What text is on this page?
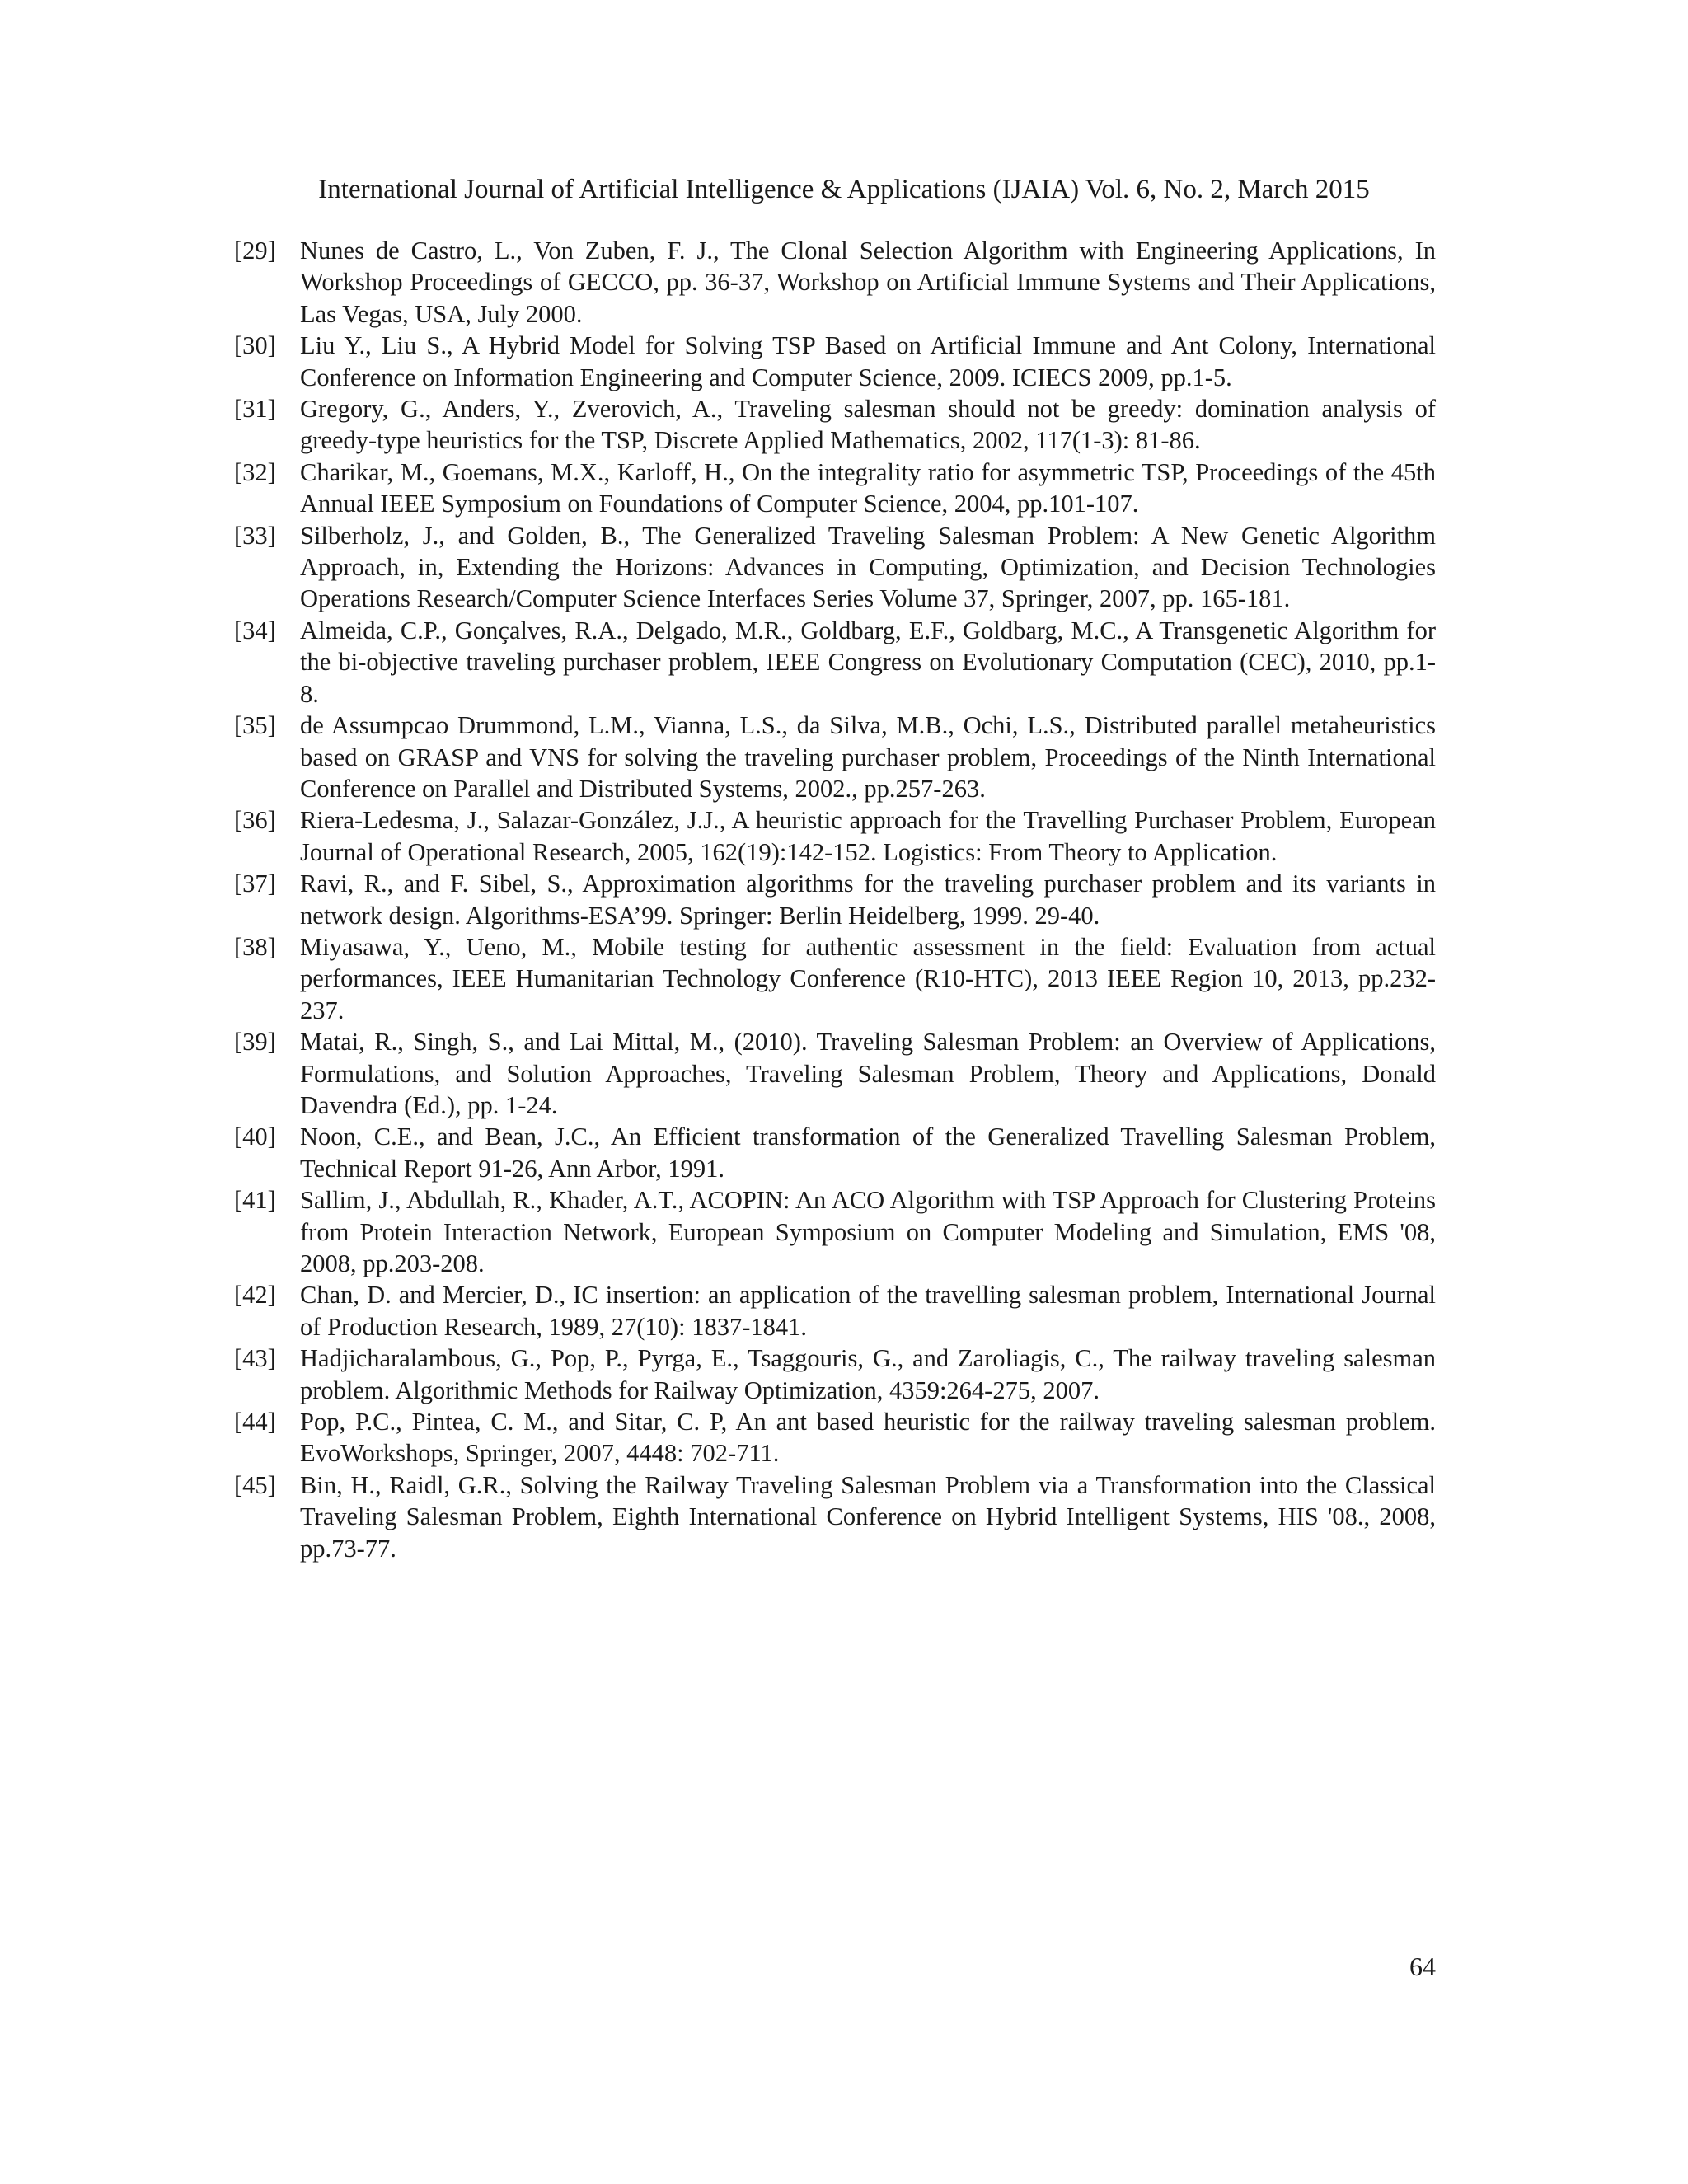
International Journal of Artificial Intelligence & Applications (IJAIA) Vol. 6, No. 2, March 2015
[29] Nunes de Castro, L., Von Zuben, F. J., The Clonal Selection Algorithm with Engineering Applications, In Workshop Proceedings of GECCO, pp. 36-37, Workshop on Artificial Immune Systems and Their Applications, Las Vegas, USA, July 2000.
[30] Liu Y., Liu S., A Hybrid Model for Solving TSP Based on Artificial Immune and Ant Colony, International Conference on Information Engineering and Computer Science, 2009. ICIECS 2009, pp.1-5.
[31] Gregory, G., Anders, Y., Zverovich, A., Traveling salesman should not be greedy: domination analysis of greedy-type heuristics for the TSP, Discrete Applied Mathematics, 2002, 117(1-3): 81-86.
[32] Charikar, M., Goemans, M.X., Karloff, H., On the integrality ratio for asymmetric TSP, Proceedings of the 45th Annual IEEE Symposium on Foundations of Computer Science, 2004, pp.101-107.
[33] Silberholz, J., and Golden, B., The Generalized Traveling Salesman Problem: A New Genetic Algorithm Approach, in, Extending the Horizons: Advances in Computing, Optimization, and Decision Technologies Operations Research/Computer Science Interfaces Series Volume 37, Springer, 2007, pp. 165-181.
[34] Almeida, C.P., Gonçalves, R.A., Delgado, M.R., Goldbarg, E.F., Goldbarg, M.C., A Transgenetic Algorithm for the bi-objective traveling purchaser problem, IEEE Congress on Evolutionary Computation (CEC), 2010, pp.1-8.
[35] de Assumpcao Drummond, L.M., Vianna, L.S., da Silva, M.B., Ochi, L.S., Distributed parallel metaheuristics based on GRASP and VNS for solving the traveling purchaser problem, Proceedings of the Ninth International Conference on Parallel and Distributed Systems, 2002., pp.257-263.
[36] Riera-Ledesma, J., Salazar-González, J.J., A heuristic approach for the Travelling Purchaser Problem, European Journal of Operational Research, 2005, 162(19):142-152. Logistics: From Theory to Application.
[37] Ravi, R., and F. Sibel, S., Approximation algorithms for the traveling purchaser problem and its variants in network design. Algorithms-ESA’99. Springer: Berlin Heidelberg, 1999. 29-40.
[38] Miyasawa, Y., Ueno, M., Mobile testing for authentic assessment in the field: Evaluation from actual performances, IEEE Humanitarian Technology Conference (R10-HTC), 2013 IEEE Region 10, 2013, pp.232-237.
[39] Matai, R., Singh, S., and Lai Mittal, M., (2010). Traveling Salesman Problem: an Overview of Applications, Formulations, and Solution Approaches, Traveling Salesman Problem, Theory and Applications, Donald Davendra (Ed.), pp. 1-24.
[40] Noon, C.E., and Bean, J.C., An Efficient transformation of the Generalized Travelling Salesman Problem, Technical Report 91-26, Ann Arbor, 1991.
[41] Sallim, J., Abdullah, R., Khader, A.T., ACOPIN: An ACO Algorithm with TSP Approach for Clustering Proteins from Protein Interaction Network, European Symposium on Computer Modeling and Simulation, EMS '08, 2008, pp.203-208.
[42] Chan, D. and Mercier, D., IC insertion: an application of the travelling salesman problem, International Journal of Production Research, 1989, 27(10): 1837-1841.
[43] Hadjicharalambous, G., Pop, P., Pyrga, E., Tsaggouris, G., and Zaroliagis, C., The railway traveling salesman problem. Algorithmic Methods for Railway Optimization, 4359:264-275, 2007.
[44] Pop, P.C., Pintea, C. M., and Sitar, C. P, An ant based heuristic for the railway traveling salesman problem. EvoWorkshops, Springer, 2007, 4448: 702-711.
[45] Bin, H., Raidl, G.R., Solving the Railway Traveling Salesman Problem via a Transformation into the Classical Traveling Salesman Problem, Eighth International Conference on Hybrid Intelligent Systems, HIS '08., 2008, pp.73-77.
64
